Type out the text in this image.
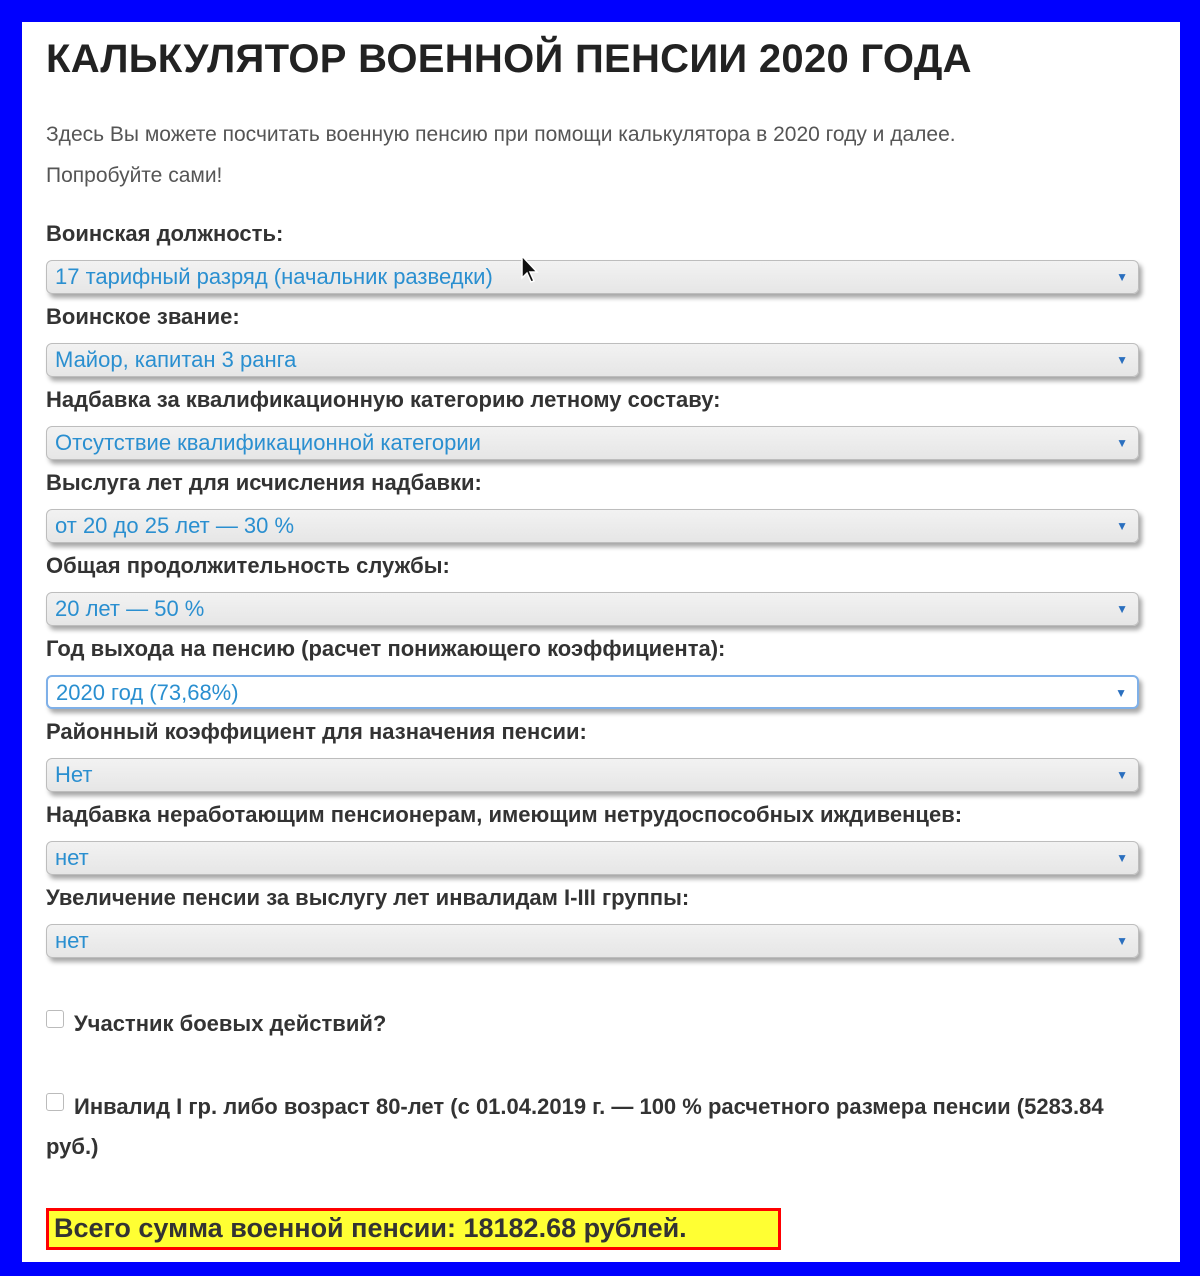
КАЛЬКУЛЯТОР ВОЕННОЙ ПЕНСИИ 2020 ГОДА
Здесь Вы можете посчитать военную пенсию при помощи калькулятора в 2020 году и далее.
Попробуйте сами!
Воинская должность:
17 тарифный разряд (начальник разведки)	▼
Воинское звание:
Майор, капитан 3 ранга	▼
Надбавка за квалификационную категорию летному составу:
Отсутствие квалификационной категории	▼
Выслуга лет для исчисления надбавки:
от 20 до 25 лет — 30 %	▼
Общая продолжительность службы:
20 лет — 50 %	▼
Год выхода на пенсию (расчет понижающего коэффициента):
2020 год (73,68%)	▼
Районный коэффициент для назначения пенсии:
Нет	▼
Надбавка неработающим пенсионерам, имеющим нетрудоспособных иждивенцев:
нет	▼
Увеличение пенсии за выслугу лет инвалидам I-III группы:
нет	▼
Участник боевых действий?
Инвалид I гр. либо возраст 80-лет (с 01.04.2019 г. — 100 % расчетного размера пенсии (5283.84 руб.)
Всего сумма военной пенсии: 18182.68 рублей.
